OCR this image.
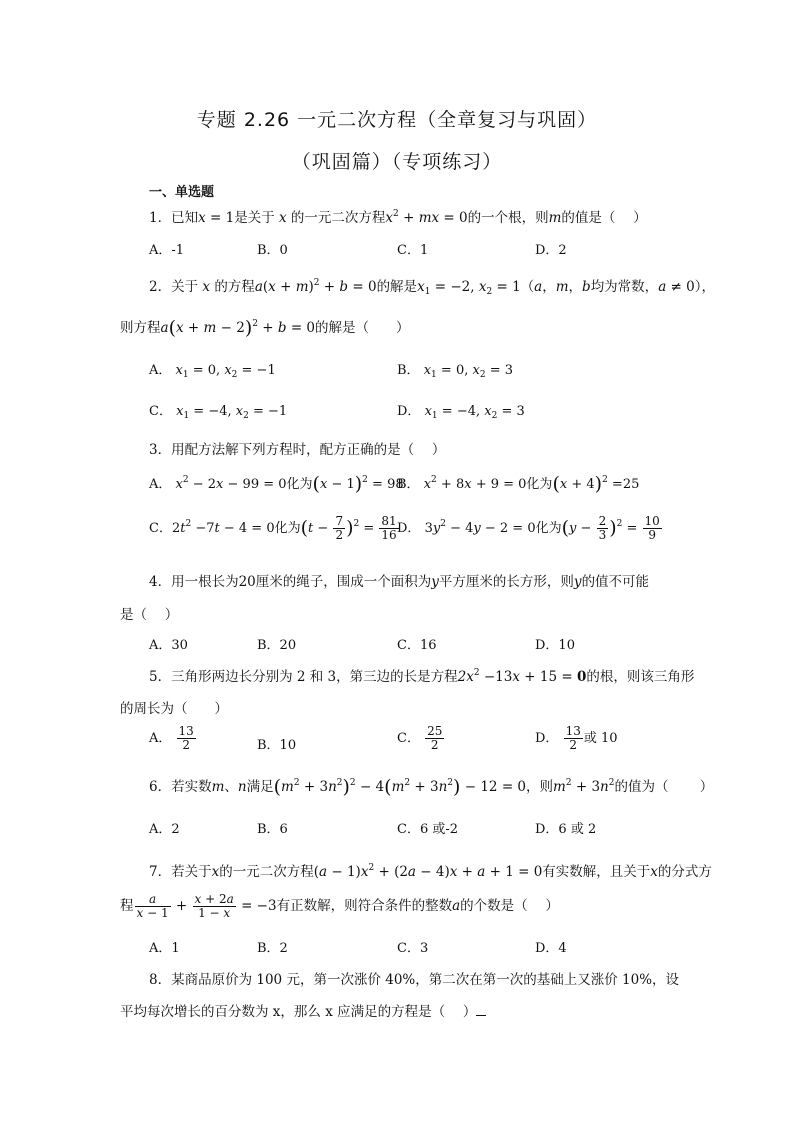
专题 2.26 一元二次方程（全章复习与巩固）
（巩固篇）（专项练习）
一、单选题
1．已知x = 1是关于 x 的一元二次方程$x^2$ + mx = 0的一个根，则m的值是（　 ）
A．-1	B．0	C．1	D．2
2．关于 x 的方程$a(x + m)^2 + b = 0$的解是$x_1 = -2$, $x_2 = 1(a$，m，b均为常数，a ≠ 0），
则方程$a(x + m - 2)^2 + b = 0$的解是（　　）
A． $x_1 = 0$, $x_2 = -1$	B． $x_1 = 0$, $x_2 = 3$
C． $x_1 = -4$, $x_2 = -1$	D． $x_1 = -4$, $x_2 = 3$
3．用配方法解下列方程时，配方正确的是（　 ）
A． $x^2 - 2x - 99 = 0$化为$(x - 1)^2 = 98$
B． $x^2 + 8x + 9 = 0$化为$(x + 4)^2 =25$
C．$2t^2 -7t - 4 = 0$化为$(t - \frac{7}{2} )^2 = \frac{81}{16}$
D． $3y^2 - 4y - 2 = 0$化为$(y - \frac{2}{3} )^2 = \frac{10}{9}$
4．用一根长为20厘米的绳子，围成一个面积为y平方厘米的长方形，则y的值不可能
是（　 ）
A．30	B．20	C．16	D．10
5．三角形两边长分别为 2 和 3，第三边的长是方程$2x^2 -13x + 15 = 0$的根，则该三角形
的周长为（　　）
A． $\frac{13}{2}$	B．10	C． $\frac{25}{2}$	D． $\frac{13}{2}$ 或 10
6．若实数m、n满足$(m^2 + 3n^2)^2 - 4(m^2 + 3n^2) - 12 = 0$，则$m^2 + 3n^2$的值为（　　 ）
A．2	B．6	C．6 或-2	D．6 或 2
7．若关于x的一元二次方程$(a - 1)x^2 + (2a - 4)x + a + 1 = 0$有实数解，且关于x的分式方
程 $\frac{a}{x - 1} + \frac{x + 2a}{1 - x} = -3$有正数解，则符合条件的整数a的个数是（　 ）
A．1	B．2	C．3	D．4
8．某商品原价为 100 元，第一次涨价 40%，第二次在第一次的基础上又涨价 10%，设
平均每次增长的百分数为 x，那么 x 应满足的方程是（　 ）
